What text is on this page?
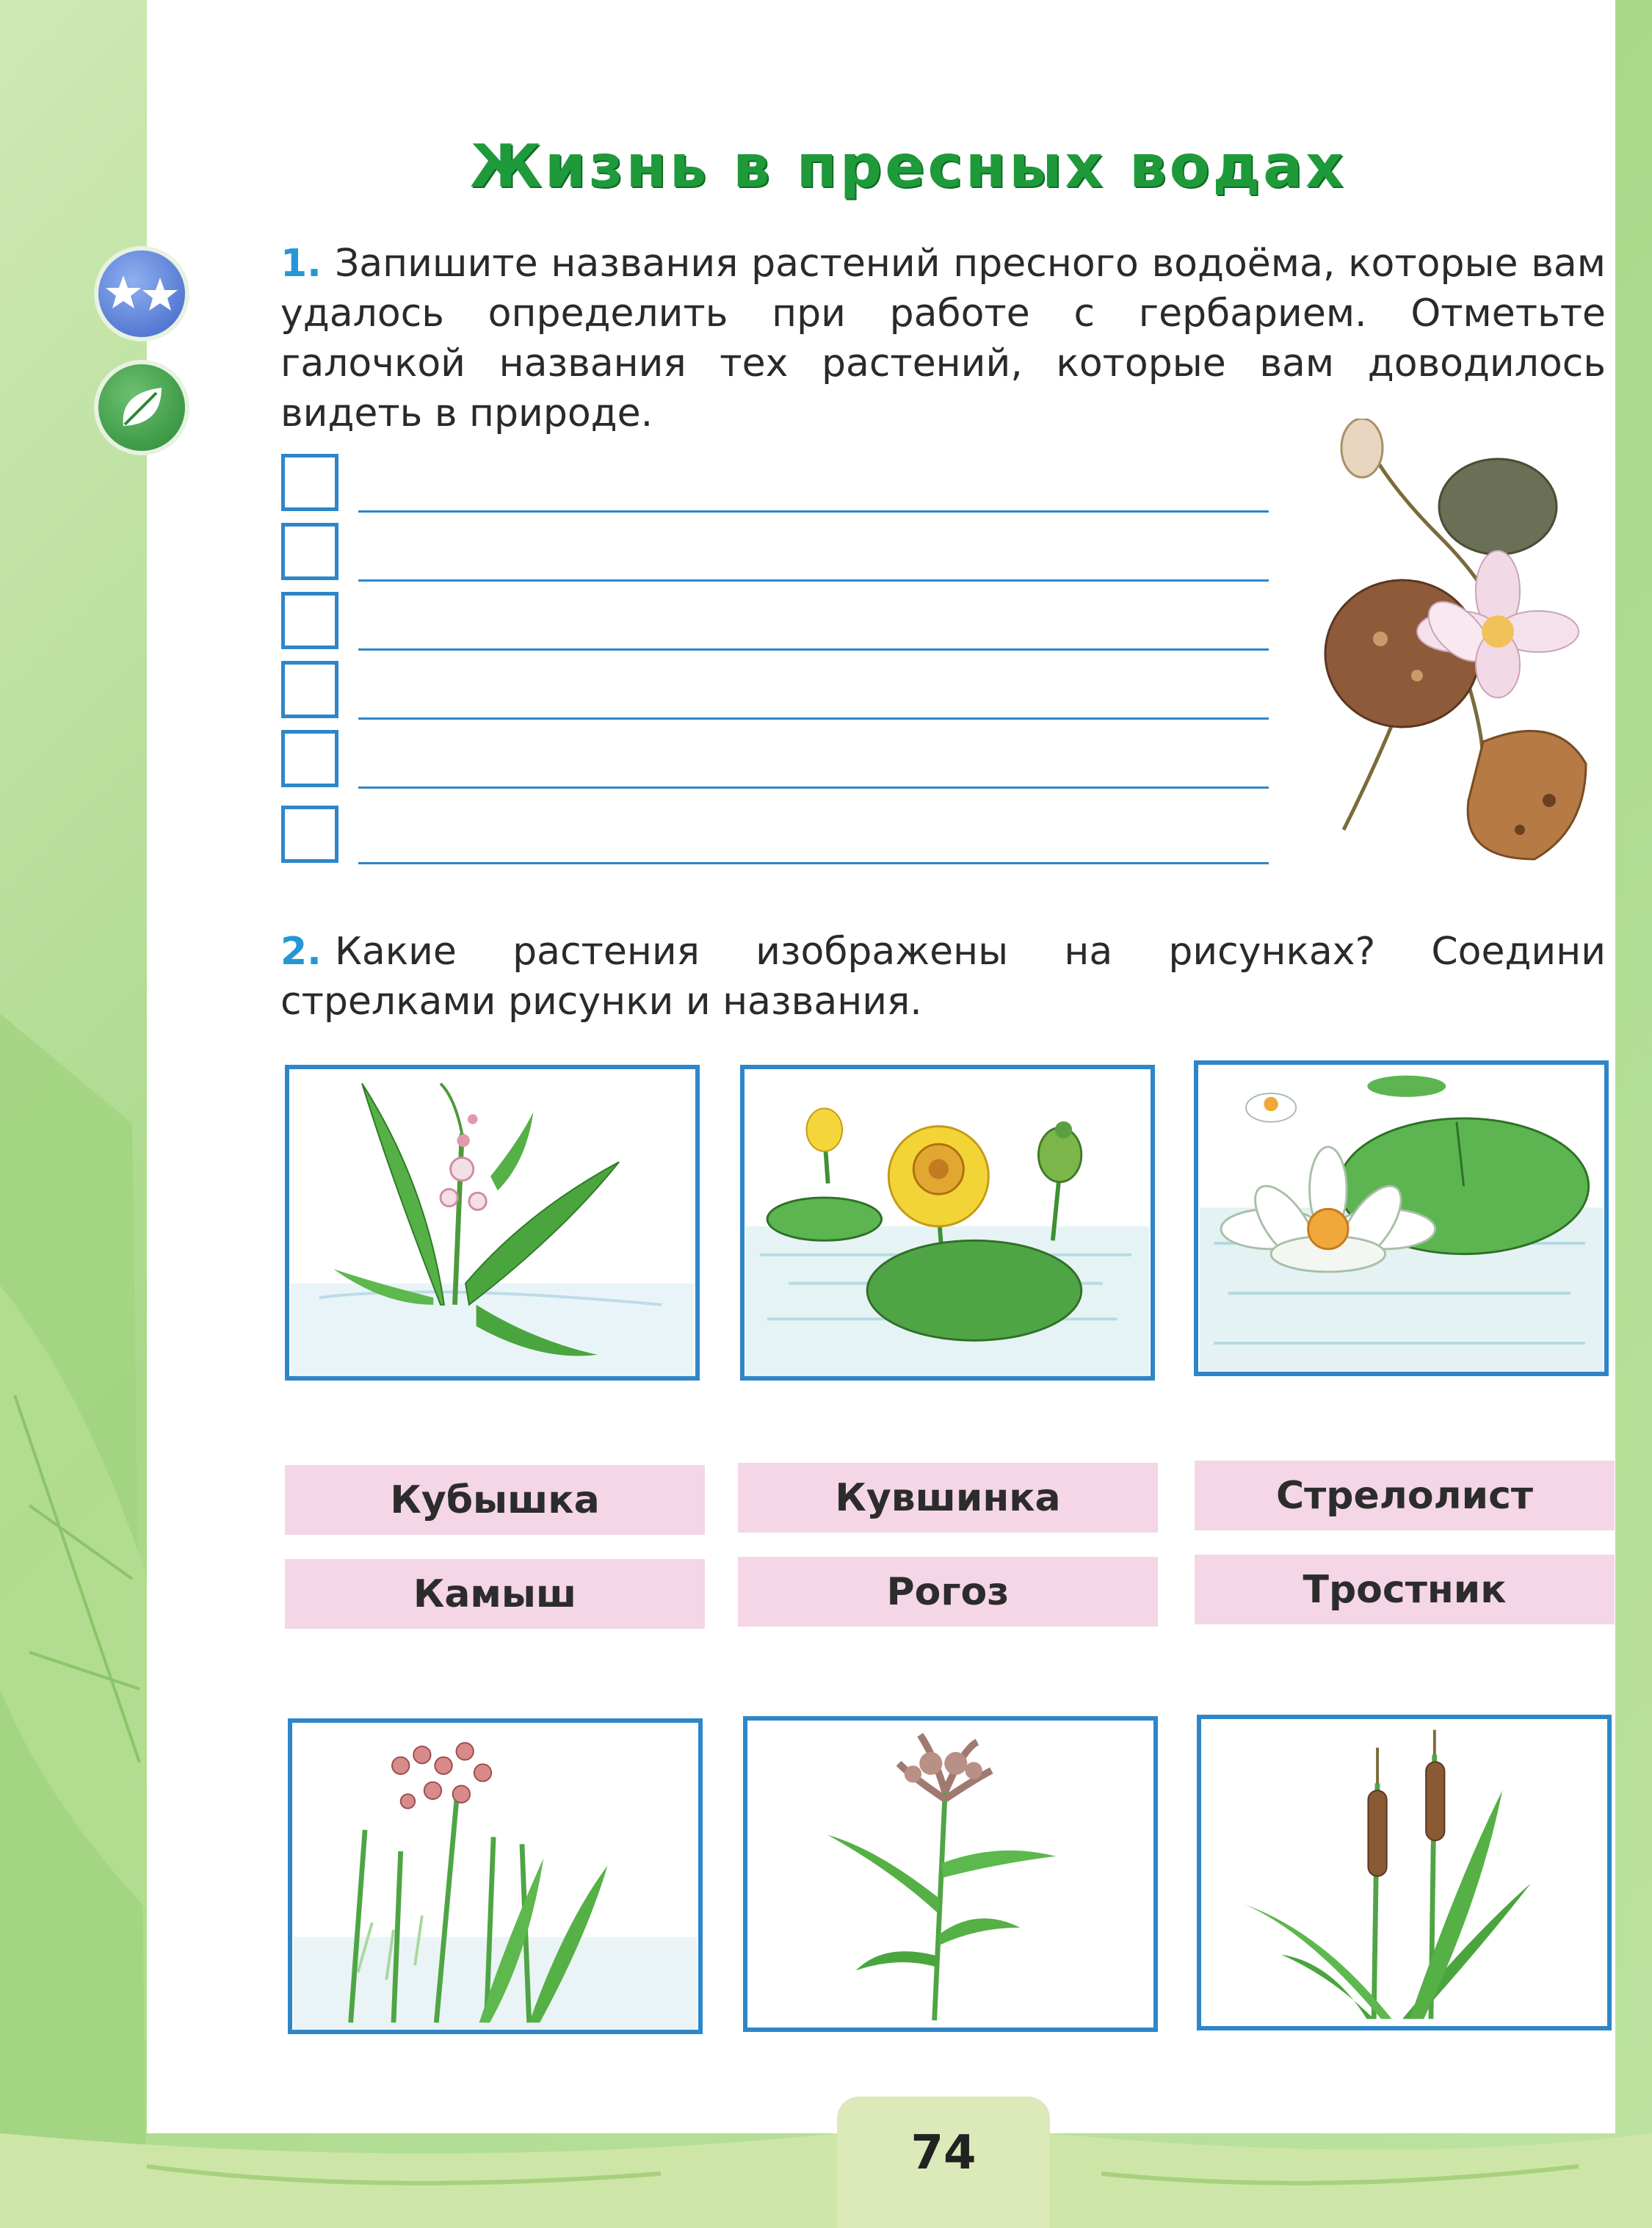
Жизнь в пресных водах

1. Запишите названия растений пресного водоёма, которые вам удалось определить при работе с гербарием. Отметьте галочкой названия тех растений, которые вам доводилось видеть в природе.

2. Какие растения изображены на рисунках? Соедини стрелками рисунки и названия.

Кубышка	Кувшинка	Стрелолист
Камыш	Рогоз	Тростник
74
